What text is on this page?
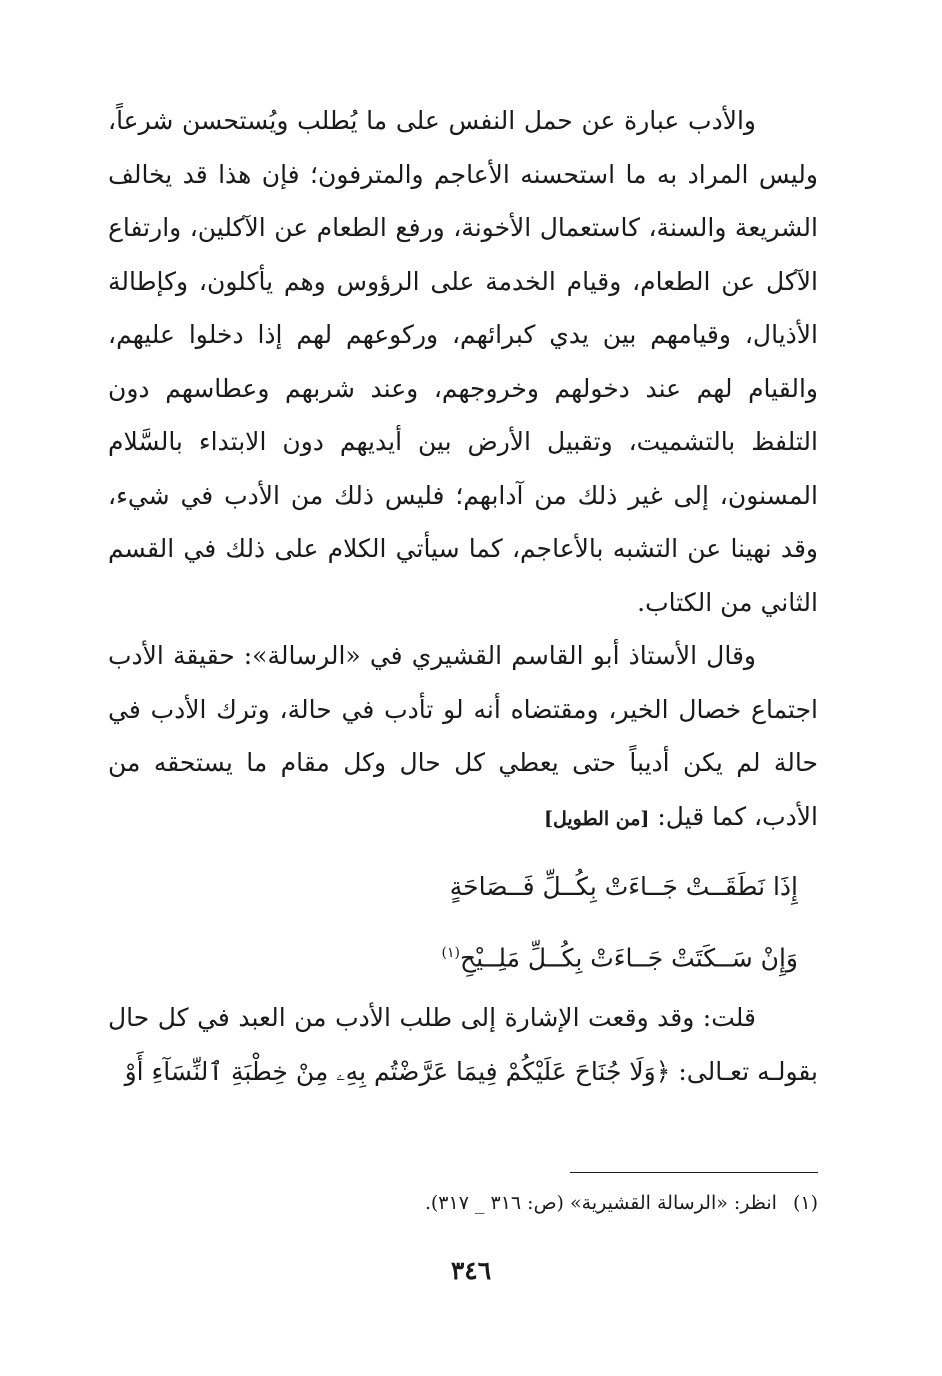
والأدب عبارة عن حمل النفس على ما يُطلب ويُستحسن شرعاً، وليس المراد به ما استحسنه الأعاجم والمترفون؛ فإن هذا قد يخالف الشريعة والسنة، كاستعمال الأخونة، ورفع الطعام عن الآكلين، وارتفاع الآكل عن الطعام، وقيام الخدمة على الرؤوس وهم يأكلون، وكإطالة الأذيال، وقيامهم بين يدي كبرائهم، وركوعهم لهم إذا دخلوا عليهم، والقيام لهم عند دخولهم وخروجهم، وعند شربهم وعطاسهم دون التلفظ بالتشميت، وتقبيل الأرض بين أيديهم دون الابتداء بالسَّلام المسنون، إلى غير ذلك من آدابهم؛ فليس ذلك من الأدب في شيء، وقد نهينا عن التشبه بالأعاجم، كما سيأتي الكلام على ذلك في القسم الثاني من الكتاب.

وقال الأستاذ أبو القاسم القشيري في «الرسالة»: حقيقة الأدب اجتماع خصال الخير، ومقتضاه أنه لو تأدب في حالة، وترك الأدب في حالة لم يكن أديباً حتى يعطي كل حال وكل مقام ما يستحقه من الأدب، كما قيل: [من الطويل]

إِذَا نَطَقَــتْ جَــاءَتْ بِكُــلِّ فَــصَاحَةٍ

وَإِنْ سَــكَتَتْ جَــاءَتْ بِكُــلِّ مَلِــيْحِ$^{(١)}$

قلت: وقد وقعت الإشارة إلى طلب الأدب من العبد في كل حال بقولـه تعـالى: ﴿وَلَا جُنَاحَ عَلَيْكُمْ فِيمَا عَرَّضْتُم بِهِۦ مِنْ خِطْبَةِ ٱلنِّسَآءِ أَوْ

(١)انظر: «الرسالة القشيرية» (ص: ٣١٦ _ ٣١٧).
٣٤٦
